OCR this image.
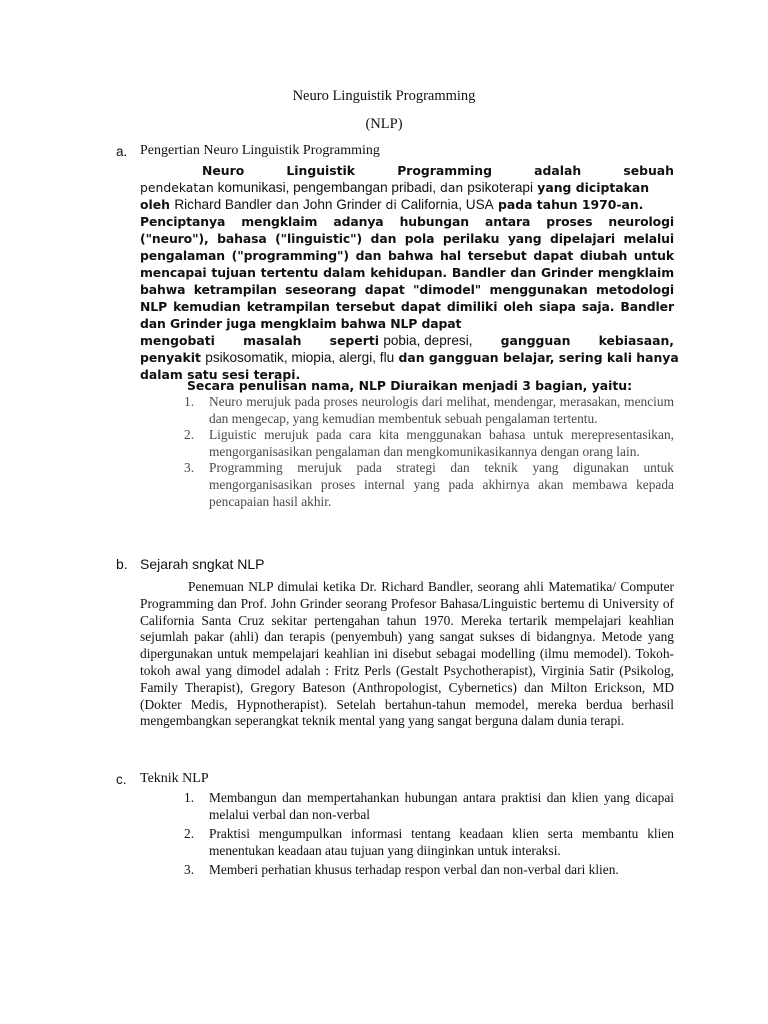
Neuro Linguistik Programming
(NLP)
a. Pengertian Neuro Linguistik Programming
Neuro	Linguistik	Programming	adalah	sebuah
pendekatan komunikasi, pengembangan pribadi, dan psikoterapi yang diciptakan
oleh Richard Bandler dan John Grinder di California, USA pada tahun 1970-an.
Penciptanya mengklaim adanya hubungan antara proses neurologi ("neuro"), bahasa ("linguistic") dan pola perilaku yang dipelajari melalui pengalaman ("programming") dan bahwa hal tersebut dapat diubah untuk mencapai tujuan tertentu dalam kehidupan. Bandler dan Grinder mengklaim bahwa ketrampilan seseorang dapat "dimodel" menggunakan metodologi NLP kemudian ketrampilan tersebut dapat dimiliki oleh siapa saja. Bandler dan Grinder juga mengklaim bahwa NLP dapat
mengobati masalah seperti pobia, depresi, gangguan kebiasaan,
penyakit psikosomatik, miopia, alergi, flu dan gangguan belajar, sering kali hanya
dalam satu sesi terapi.
Secara penulisan nama, NLP Diuraikan menjadi 3 bagian, yaitu:
1. Neuro merujuk pada proses neurologis dari melihat, mendengar, merasakan, mencium dan mengecap, yang kemudian membentuk sebuah pengalaman tertentu.
2. Liguistic merujuk pada cara kita menggunakan bahasa untuk merepresentasikan, mengorganisasikan pengalaman dan mengkomunikasikannya dengan orang lain.
3. Programming merujuk pada strategi dan teknik yang digunakan untuk mengorganisasikan proses internal yang pada akhirnya akan membawa kepada pencapaian hasil akhir.
b. Sejarah sngkat NLP
Penemuan NLP dimulai ketika Dr. Richard Bandler, seorang ahli Matematika/ Computer Programming dan Prof. John Grinder seorang Profesor Bahasa/Linguistic bertemu di University of California Santa Cruz sekitar pertengahan tahun 1970. Mereka tertarik mempelajari keahlian sejumlah pakar (ahli) dan terapis (penyembuh) yang sangat sukses di bidangnya. Metode yang dipergunakan untuk mempelajari keahlian ini disebut sebagai modelling (ilmu memodel). Tokoh-tokoh awal yang dimodel adalah : Fritz Perls (Gestalt Psychotherapist), Virginia Satir (Psikolog, Family Therapist), Gregory Bateson (Anthropologist, Cybernetics) dan Milton Erickson, MD (Dokter Medis, Hypnotherapist). Setelah bertahun-tahun memodel, mereka berdua berhasil mengembangkan seperangkat teknik mental yang yang sangat berguna dalam dunia terapi.
c. Teknik NLP
1. Membangun dan mempertahankan hubungan antara praktisi dan klien yang dicapai melalui verbal dan non-verbal
2. Praktisi mengumpulkan informasi tentang keadaan klien serta membantu klien menentukan keadaan atau tujuan yang diinginkan untuk interaksi.
3. Memberi perhatian khusus terhadap respon verbal dan non-verbal dari klien.
